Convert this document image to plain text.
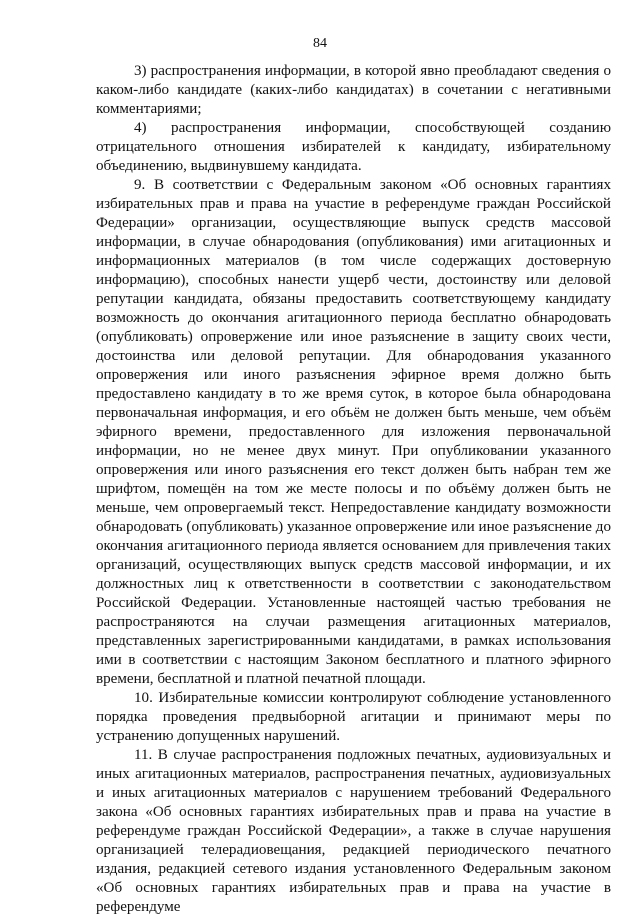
84

3) распространения информации, в которой явно преобладают сведения о каком-либо кандидате (каких-либо кандидатах) в сочетании с негативными комментариями;

4) распространения информации, способствующей созданию отрицательного отношения избирателей к кандидату, избирательному объединению, выдвинувшему кандидата.

9. В соответствии с Федеральным законом «Об основных гарантиях избирательных прав и права на участие в референдуме граждан Российской Федерации» организации, осуществляющие выпуск средств массовой информации, в случае обнародования (опубликования) ими агитационных и информационных материалов (в том числе содержащих достоверную информацию), способных нанести ущерб чести, достоинству или деловой репутации кандидата, обязаны предоставить соответствующему кандидату возможность до окончания агитационного периода бесплатно обнародовать (опубликовать) опровержение или иное разъяснение в защиту своих чести, достоинства или деловой репутации. Для обнародования указанного опровержения или иного разъяснения эфирное время должно быть предоставлено кандидату в то же время суток, в которое была обнародована первоначальная информация, и его объём не должен быть меньше, чем объём эфирного времени, предоставленного для изложения первоначальной информации, но не менее двух минут. При опубликовании указанного опровержения или иного разъяснения его текст должен быть набран тем же шрифтом, помещён на том же месте полосы и по объёму должен быть не меньше, чем опровергаемый текст. Непредоставление кандидату возможности обнародовать (опубликовать) указанное опровержение или иное разъяснение до окончания агитационного периода является основанием для привлечения таких организаций, осуществляющих выпуск средств массовой информации, и их должностных лиц к ответственности в соответствии с законодательством Российской Федерации. Установленные настоящей частью требования не распространяются на случаи размещения агитационных материалов, представленных зарегистрированными кандидатами, в рамках использования ими в соответствии с настоящим Законом бесплатного и платного эфирного времени, бесплатной и платной печатной площади.

10. Избирательные комиссии контролируют соблюдение установленного порядка проведения предвыборной агитации и принимают меры по устранению допущенных нарушений.

11. В случае распространения подложных печатных, аудиовизуальных и иных агитационных материалов, распространения печатных, аудиовизуальных и иных агитационных материалов с нарушением требований Федерального закона «Об основных гарантиях избирательных прав и права на участие в референдуме граждан Российской Федерации», а также в случае нарушения организацией телерадиовещания, редакцией периодического печатного издания, редакцией сетевого издания установленного Федеральным законом «Об основных гарантиях избирательных прав и права на участие в референдуме
